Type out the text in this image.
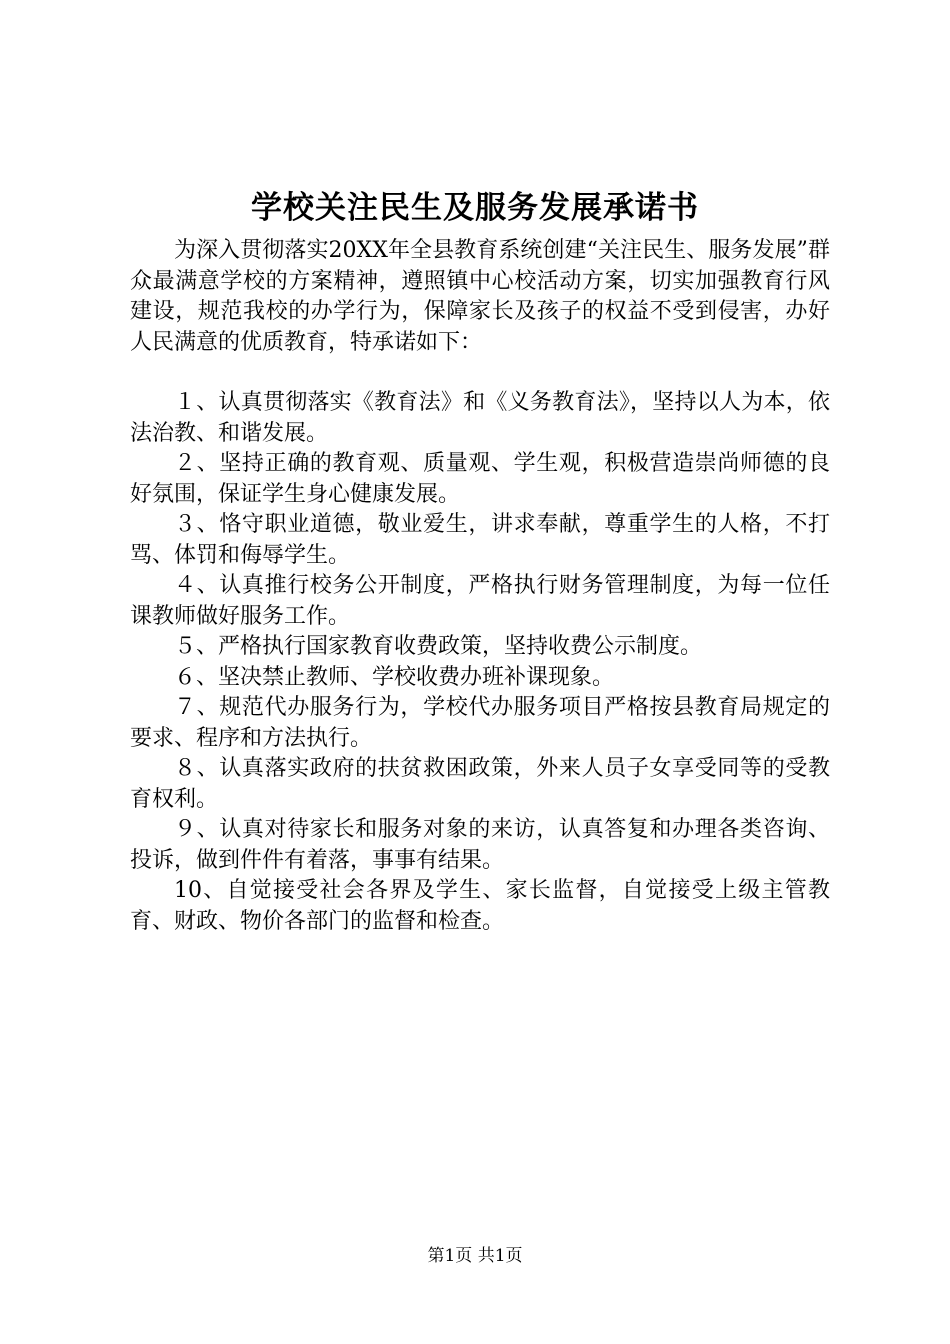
学校关注民生及服务发展承诺书

为深入贯彻落实20XX年全县教育系统创建“关注民生、服务发展”群众最满意学校的方案精神，遵照镇中心校活动方案，切实加强教育行风建设，规范我校的办学行为，保障家长及孩子的权益不受到侵害，办好人民满意的优质教育，特承诺如下：

１、认真贯彻落实《教育法》和《义务教育法》，坚持以人为本，依法治教、和谐发展。

２、坚持正确的教育观、质量观、学生观，积极营造崇尚师德的良好氛围，保证学生身心健康发展。

３、恪守职业道德，敬业爱生，讲求奉献，尊重学生的人格，不打骂、体罚和侮辱学生。

４、认真推行校务公开制度，严格执行财务管理制度，为每一位任课教师做好服务工作。

５、严格执行国家教育收费政策，坚持收费公示制度。

６、坚决禁止教师、学校收费办班补课现象。

７、规范代办服务行为，学校代办服务项目严格按县教育局规定的要求、程序和方法执行。

８、认真落实政府的扶贫救困政策，外来人员子女享受同等的受教育权利。

９、认真对待家长和服务对象的来访，认真答复和办理各类咨询、投诉，做到件件有着落，事事有结果。

10、自觉接受社会各界及学生、家长监督，自觉接受上级主管教育、财政、物价各部门的监督和检查。

第1页 共1页
